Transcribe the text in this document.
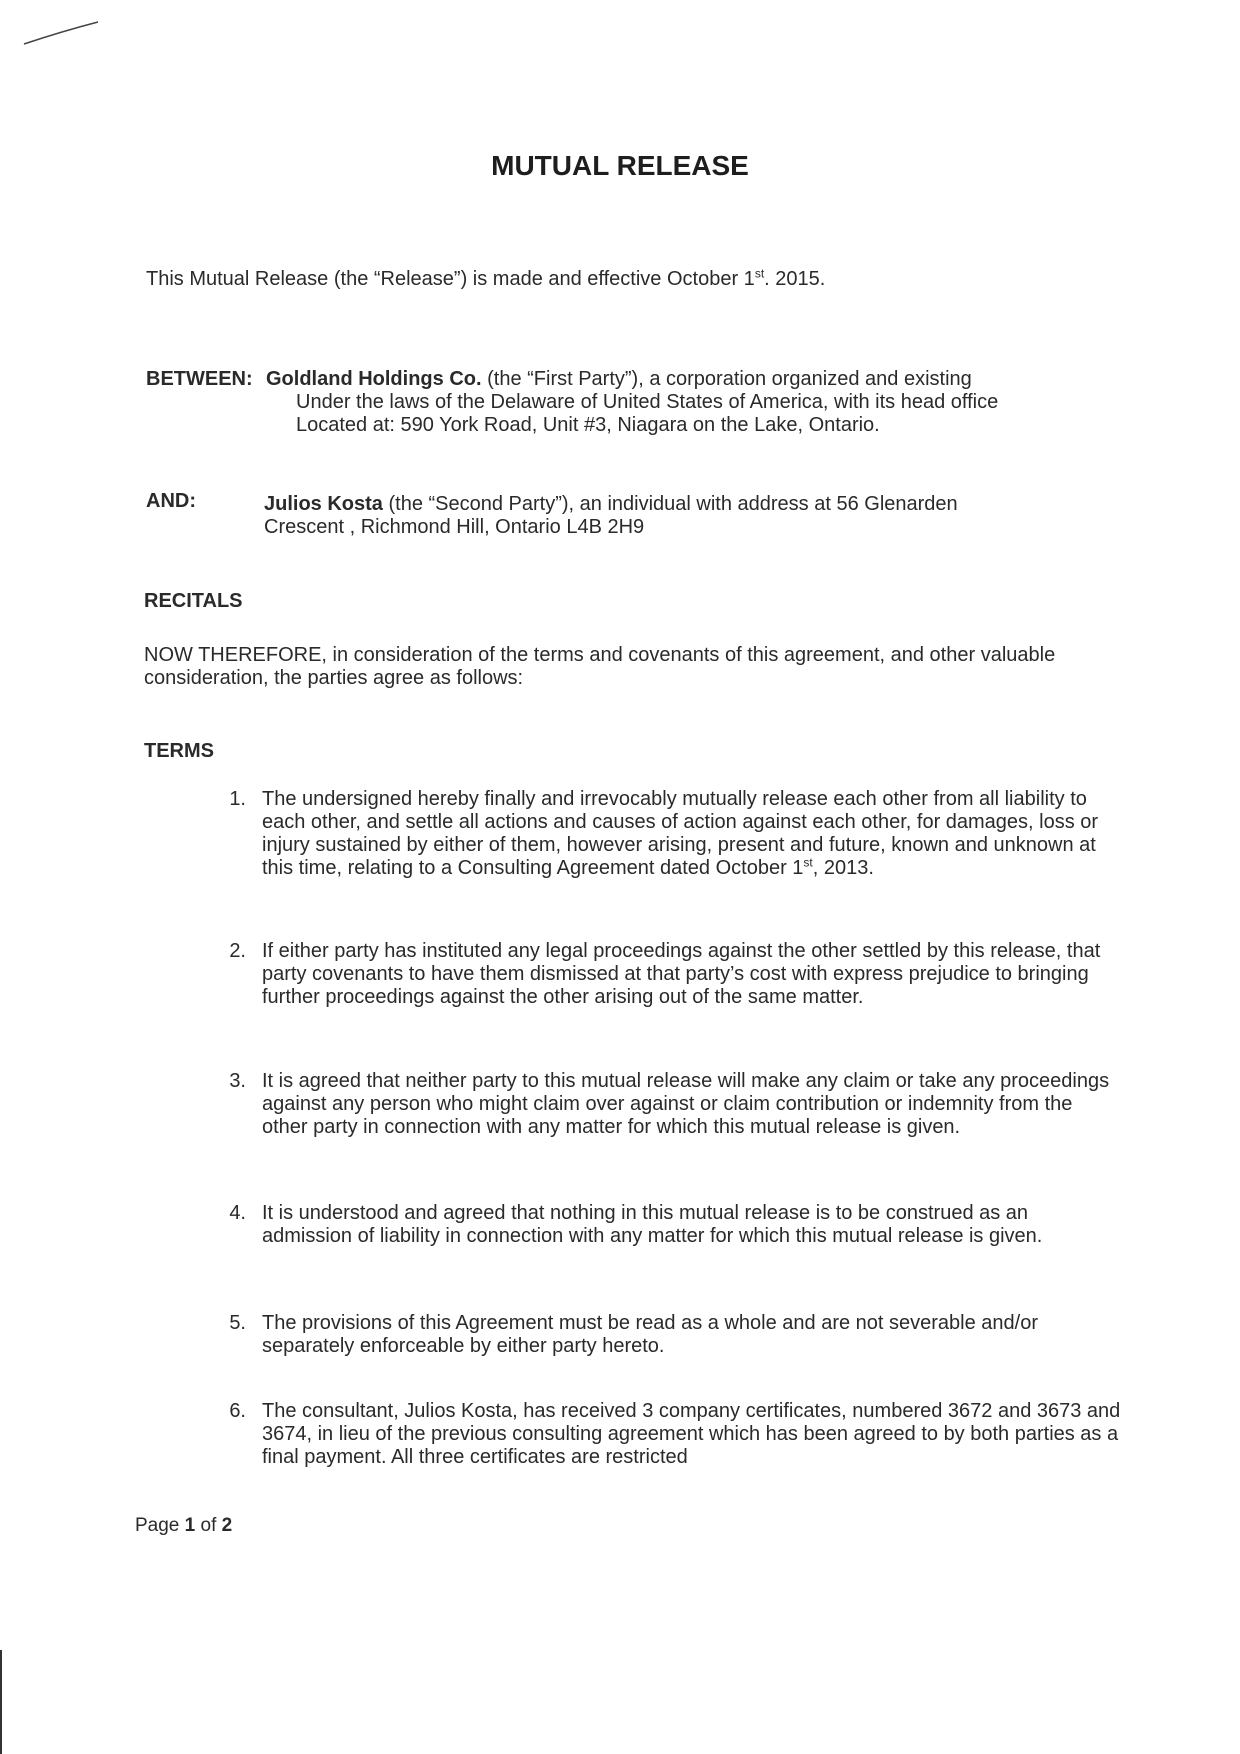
MUTUAL RELEASE
This Mutual Release (the “Release”) is made and effective October 1st. 2015.
BETWEEN: Goldland Holdings Co. (the “First Party”), a corporation organized and existing
Under the laws of the Delaware of United States of America, with its head office
Located at: 590 York Road, Unit #3, Niagara on the Lake, Ontario.
AND:	Julios Kosta (the “Second Party”), an individual with address at 56 Glenarden
Crescent , Richmond Hill, Ontario L4B 2H9
RECITALS
NOW THEREFORE, in consideration of the terms and covenants of this agreement, and other valuable consideration, the parties agree as follows:
TERMS
1. The undersigned hereby finally and irrevocably mutually release each other from all liability to each other, and settle all actions and causes of action against each other, for damages, loss or injury sustained by either of them, however arising, present and future, known and unknown at this time, relating to a Consulting Agreement dated October 1st, 2013.
2. If either party has instituted any legal proceedings against the other settled by this release, that party covenants to have them dismissed at that party’s cost with express prejudice to bringing further proceedings against the other arising out of the same matter.
3. It is agreed that neither party to this mutual release will make any claim or take any proceedings against any person who might claim over against or claim contribution or indemnity from the other party in connection with any matter for which this mutual release is given.
4. It is understood and agreed that nothing in this mutual release is to be construed as an admission of liability in connection with any matter for which this mutual release is given.
5. The provisions of this Agreement must be read as a whole and are not severable and/or separately enforceable by either party hereto.
6. The consultant, Julios Kosta, has received 3 company certificates, numbered 3672 and 3673 and 3674, in lieu of the previous consulting agreement which has been agreed to by both parties as a final payment. All three certificates are restricted
Page 1 of 2
